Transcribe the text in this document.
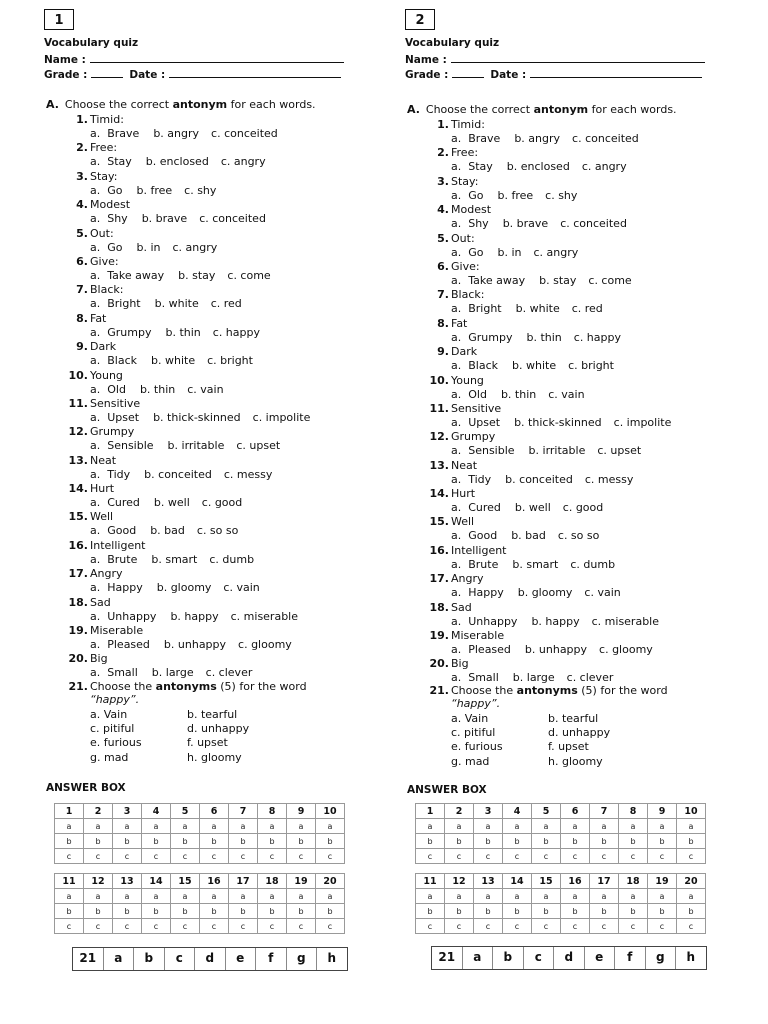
1
Vocabulary quiz
Name :
Grade :	Date :
A. Choose the correct antonym for each words.
1. Timid:
a.  Brave b. angry c. conceited
2. Free:
a.  Stay b. enclosed c. angry
3. Stay:
a.  Go b. free c. shy
4. Modest
a.  Shy b. brave c. conceited
5. Out:
a.  Go b. in c. angry
6. Give:
a.  Take away b. stay c. come
7. Black:
a.  Bright b. white c. red
8. Fat
a.  Grumpy b. thin c. happy
9. Dark
a.  Black b. white c. bright
10. Young
a.  Old b. thin c. vain
11. Sensitive
a.  Upset b. thick-skinned c. impolite
12. Grumpy
a.  Sensible b. irritable c. upset
13. Neat
a.  Tidy b. conceited c. messy
14. Hurt
a.  Cured b. well c. good
15. Well
a.  Good b. bad c. so so
16. Intelligent
a.  Brute b. smart c. dumb
17. Angry
a.  Happy b. gloomy c. vain
18. Sad
a.  Unhappy b. happy c. miserable
19. Miserable
a.  Pleased b. unhappy c. gloomy
20. Big
a.  Small b. large c. clever
21. Choose the antonyms (5) for the word
“happy”.
a. Vain	b. tearful
c. pitiful	d. unhappy
e. furious	f. upset
g. mad	h. gloomy
ANSWER BOX
1	2	3	4	5	6	7	8	9	10
a	a	a	a	a	a	a	a	a	a
b	b	b	b	b	b	b	b	b	b
c	c	c	c	c	c	c	c	c	c
11	12	13	14	15	16	17	18	19	20
a	a	a	a	a	a	a	a	a	a
b	b	b	b	b	b	b	b	b	b
c	c	c	c	c	c	c	c	c	c
21	a	b	c	d	e	f	g	h
2
Vocabulary quiz
Name :
Grade :	Date :
A. Choose the correct antonym for each words.
1. Timid:
a.  Brave b. angry c. conceited
2. Free:
a.  Stay b. enclosed c. angry
3. Stay:
a.  Go b. free c. shy
4. Modest
a.  Shy b. brave c. conceited
5. Out:
a.  Go b. in c. angry
6. Give:
a.  Take away b. stay c. come
7. Black:
a.  Bright b. white c. red
8. Fat
a.  Grumpy b. thin c. happy
9. Dark
a.  Black b. white c. bright
10. Young
a.  Old b. thin c. vain
11. Sensitive
a.  Upset b. thick-skinned c. impolite
12. Grumpy
a.  Sensible b. irritable c. upset
13. Neat
a.  Tidy b. conceited c. messy
14. Hurt
a.  Cured b. well c. good
15. Well
a.  Good b. bad c. so so
16. Intelligent
a.  Brute b. smart c. dumb
17. Angry
a.  Happy b. gloomy c. vain
18. Sad
a.  Unhappy b. happy c. miserable
19. Miserable
a.  Pleased b. unhappy c. gloomy
20. Big
a.  Small b. large c. clever
21. Choose the antonyms (5) for the word
“happy”.
a. Vain	b. tearful
c. pitiful	d. unhappy
e. furious	f. upset
g. mad	h. gloomy
ANSWER BOX
1	2	3	4	5	6	7	8	9	10
a	a	a	a	a	a	a	a	a	a
b	b	b	b	b	b	b	b	b	b
c	c	c	c	c	c	c	c	c	c
11	12	13	14	15	16	17	18	19	20
a	a	a	a	a	a	a	a	a	a
b	b	b	b	b	b	b	b	b	b
c	c	c	c	c	c	c	c	c	c
21	a	b	c	d	e	f	g	h
